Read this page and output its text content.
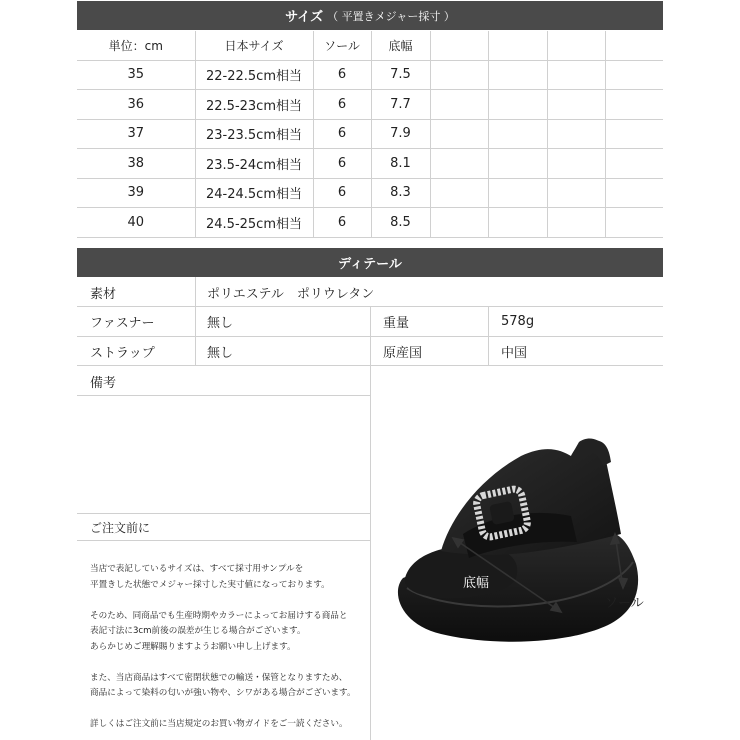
サイズ （ 平置きメジャー採寸 ）
単位：cm	日本サイズ	ソール	底幅				
35	22-22.5cm相当	6	7.5				
36	22.5-23cm相当	6	7.7				
37	23-23.5cm相当	6	7.9				
38	23.5-24cm相当	6	8.1				
39	24-24.5cm相当	6	8.3				
40	24.5-25cm相当	6	8.5				
ディテール
素材	ポリエステル　ポリウレタン
ファスナー	無し	重量	578g
ストラップ	無し	原産国	中国
備考
ご注文前に
当店で表記しているサイズは、すべて採寸用サンプルを
平置きした状態でメジャー採寸した実寸値になっております。
そのため、同商品でも生産時期やカラーによってお届けする商品と
表記寸法に3cm前後の誤差が生じる場合がございます。
あらかじめご理解賜りますようお願い申し上げます。
また、当店商品はすべて密閉状態での輸送・保管となりますため、
商品によって染料の匂いが強い物や、シワがある場合がございます。
詳しくはご注文前に当店規定のお買い物ガイドをご一読ください。
底幅
ソール
